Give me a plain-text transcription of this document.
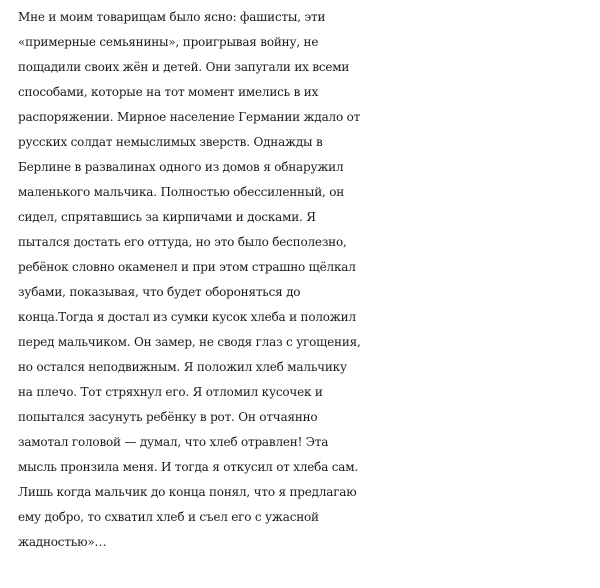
Мне и моим товарищам было ясно: фашисты, эти
«примерные семьянины», проигрывая войну, не
пощадили своих жён и детей. Они запугали их всеми
способами, которые на тот момент имелись в их
распоряжении. Мирное население Германии ждало от
русских солдат немыслимых зверств. Однажды в
Берлине в развалинах одного из домов я обнаружил
маленького мальчика. Полностью обессиленный, он
сидел, спрятавшись за кирпичами и досками. Я
пытался достать его оттуда, но это было бесполезно,
ребёнок словно окаменел и при этом страшно щёлкал
зубами, показывая, что будет обороняться до
конца.Тогда я достал из сумки кусок хлеба и положил
перед мальчиком. Он замер, не сводя глаз с угощения,
но остался неподвижным. Я положил хлеб мальчику
на плечо. Тот стряхнул его. Я отломил кусочек и
попытался засунуть ребёнку в рот. Он отчаянно
замотал головой — думал, что хлеб отравлен! Эта
мысль пронзила меня. И тогда я откусил от хлеба сам.
Лишь когда мальчик до конца понял, что я предлагаю
ему добро, то схватил хлеб и съел его с ужасной
жадностью»…
